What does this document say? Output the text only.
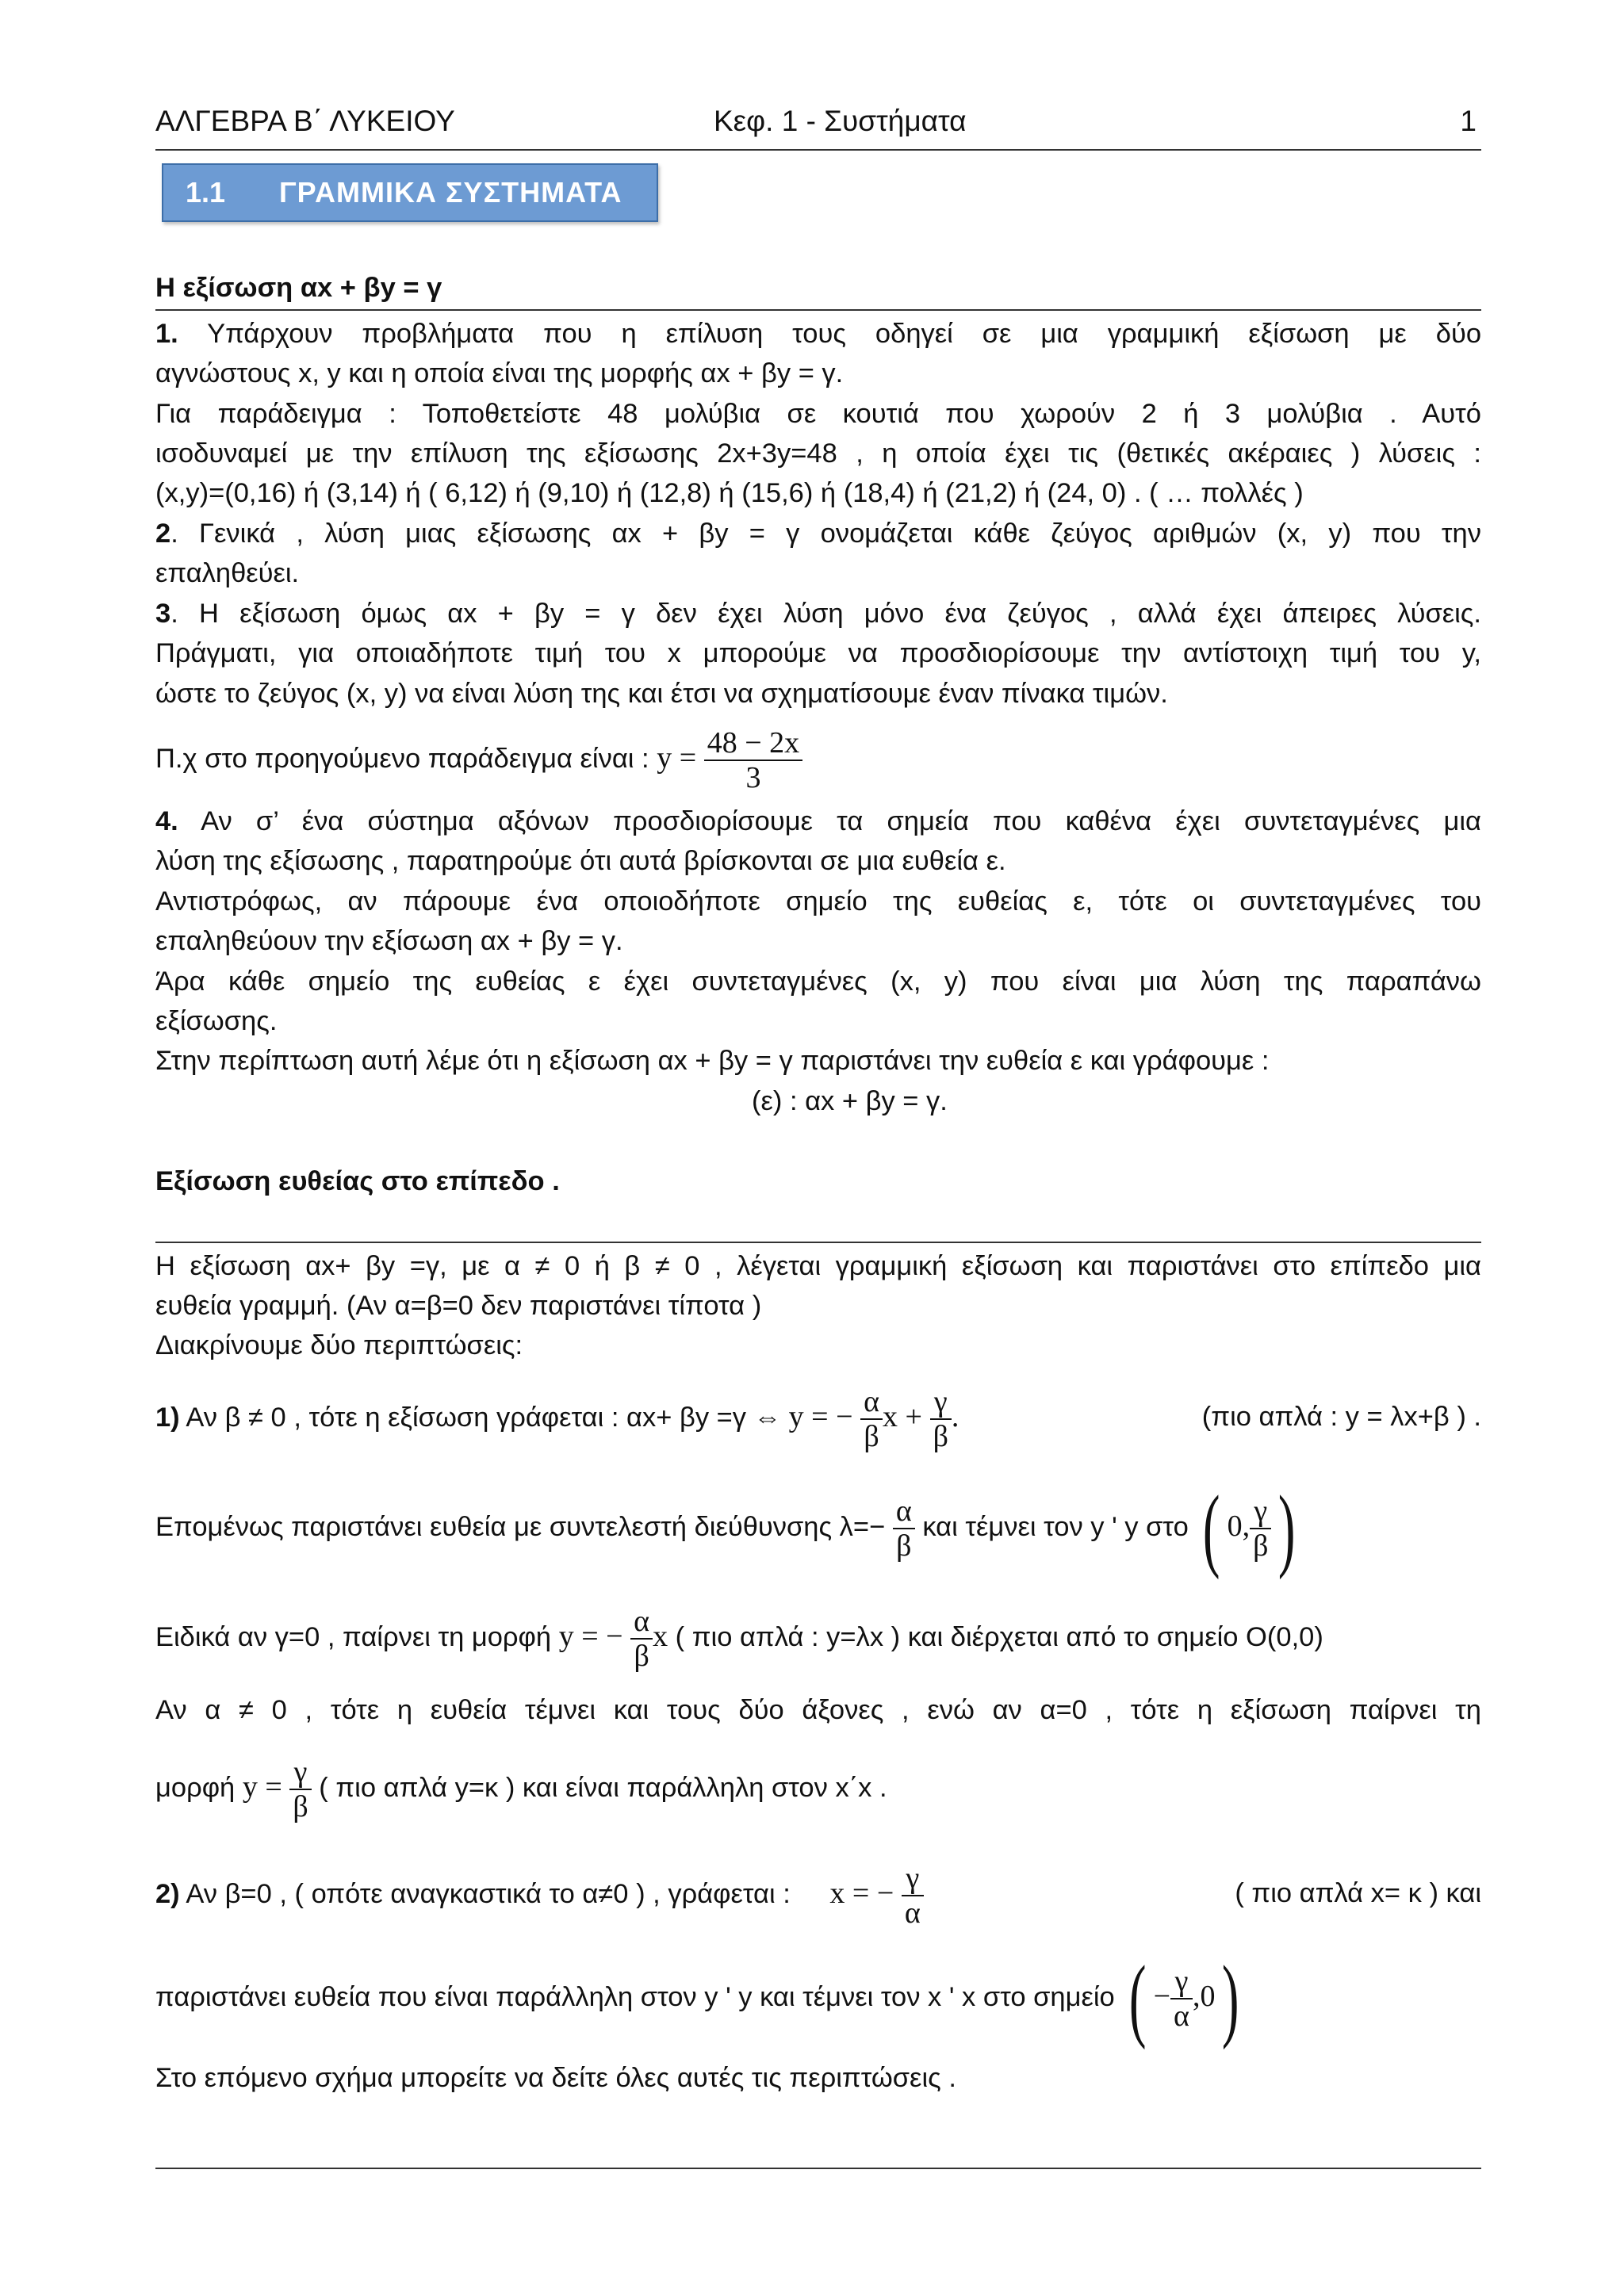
ΑΛΓΕΒΡΑ Β΄ ΛΥΚΕΙΟΥ	Κεφ. 1 - Συστήματα	1
1.1 ΓΡΑΜΜΙΚΑ ΣΥΣΤΗΜΑΤΑ
Η εξίσωση αx + βy = γ
1. Υπάρχουν προβλήματα που η επίλυση τους οδηγεί σε μια γραμμική εξίσωση με δύο
αγνώστους x, y και η οποία είναι της μορφής αx + βy = γ.
Για παράδειγμα : Τοποθετείστε 48 μολύβια σε κουτιά που χωρούν 2 ή 3 μολύβια . Αυτό
ισοδυναμεί με την επίλυση της εξίσωσης 2x+3y=48 , η οποία έχει τις (θετικές ακέραιες ) λύσεις :
(x,y)=(0,16) ή (3,14) ή ( 6,12) ή (9,10) ή (12,8) ή (15,6) ή (18,4) ή (21,2) ή (24, 0) . ( … πολλές )
2. Γενικά , λύση μιας εξίσωσης αx + βy = γ ονομάζεται κάθε ζεύγος αριθμών (x, y) που την
επαληθεύει.
3. Η εξίσωση όμως αx + βy = γ δεν έχει λύση μόνο ένα ζεύγος , αλλά έχει άπειρες λύσεις.
Πράγματι, για οποιαδήποτε τιμή του x μπορούμε να προσδιορίσουμε την αντίστοιχη τιμή του y,
ώστε το ζεύγος (x, y) να είναι λύση της και έτσι να σχηματίσουμε έναν πίνακα τιμών.
Π.χ στο προηγούμενο παράδειγμα είναι : $y = \frac{48 - 2x}{3}$
4. Αν σ’ ένα σύστημα αξόνων προσδιορίσουμε τα σημεία που καθένα έχει συντεταγμένες μια
λύση της εξίσωσης , παρατηρούμε ότι αυτά βρίσκονται σε μια ευθεία ε.
Αντιστρόφως, αν πάρουμε ένα οποιοδήποτε σημείο της ευθείας ε, τότε οι συντεταγμένες του
επαληθεύουν την εξίσωση αx + βy = γ.
Άρα κάθε σημείο της ευθείας ε έχει συντεταγμένες (x, y) που είναι μια λύση της παραπάνω
εξίσωσης.
Στην περίπτωση αυτή λέμε ότι η εξίσωση αx + βy = γ παριστάνει την ευθεία ε και γράφουμε :
(ε) : αx + βy = γ.
Εξίσωση ευθείας στο επίπεδο .
Η εξίσωση αx+ βy =γ, με α ≠ 0 ή β ≠ 0 , λέγεται γραμμική εξίσωση και παριστάνει στο επίπεδο μια
ευθεία γραμμή. (Αν α=β=0 δεν παριστάνει τίποτα )
Διακρίνουμε δύο περιπτώσεις:
1) Αν β ≠ 0 , τότε η εξίσωση γράφεται : αx+ βy =γ ⇔ y = − $\frac{\alpha}{\beta}$ $x + \frac{\gamma}{\beta}$ .	(πιο απλά : y = λx+β ) .
Επομένως παριστάνει ευθεία με συντελεστή διεύθυνσης $\lambda=- \frac{\alpha}{\beta}$ και τέμνει τον y ' y στο ( 0, $\frac{\gamma}{\beta}$ )
Ειδικά αν γ=0 , παίρνει τη μορφή y = − $\frac{\alpha}{\beta}$ x ( πιο απλά : y=λx ) και διέρχεται από το σημείο O(0,0)
Αν α ≠ 0 , τότε η ευθεία τέμνει και τους δύο άξονες , ενώ αν α=0 , τότε η εξίσωση παίρνει τη
μορφή $y = \frac{\gamma}{\beta}$ ( πιο απλά y=κ ) και είναι παράλληλη στον x΄x .
2) Αν β=0 , ( οπότε αναγκαστικά το α≠0 ) , γράφεται : x = − $\frac{\gamma}{\alpha}$	( πιο απλά x= κ ) και
παριστάνει ευθεία που είναι παράλληλη στον y ' y και τέμνει τον x ' x στο σημείο ( − $\frac{\gamma}{\alpha} ,0$)
Στο επόμενο σχήμα μπορείτε να δείτε όλες αυτές τις περιπτώσεις .
